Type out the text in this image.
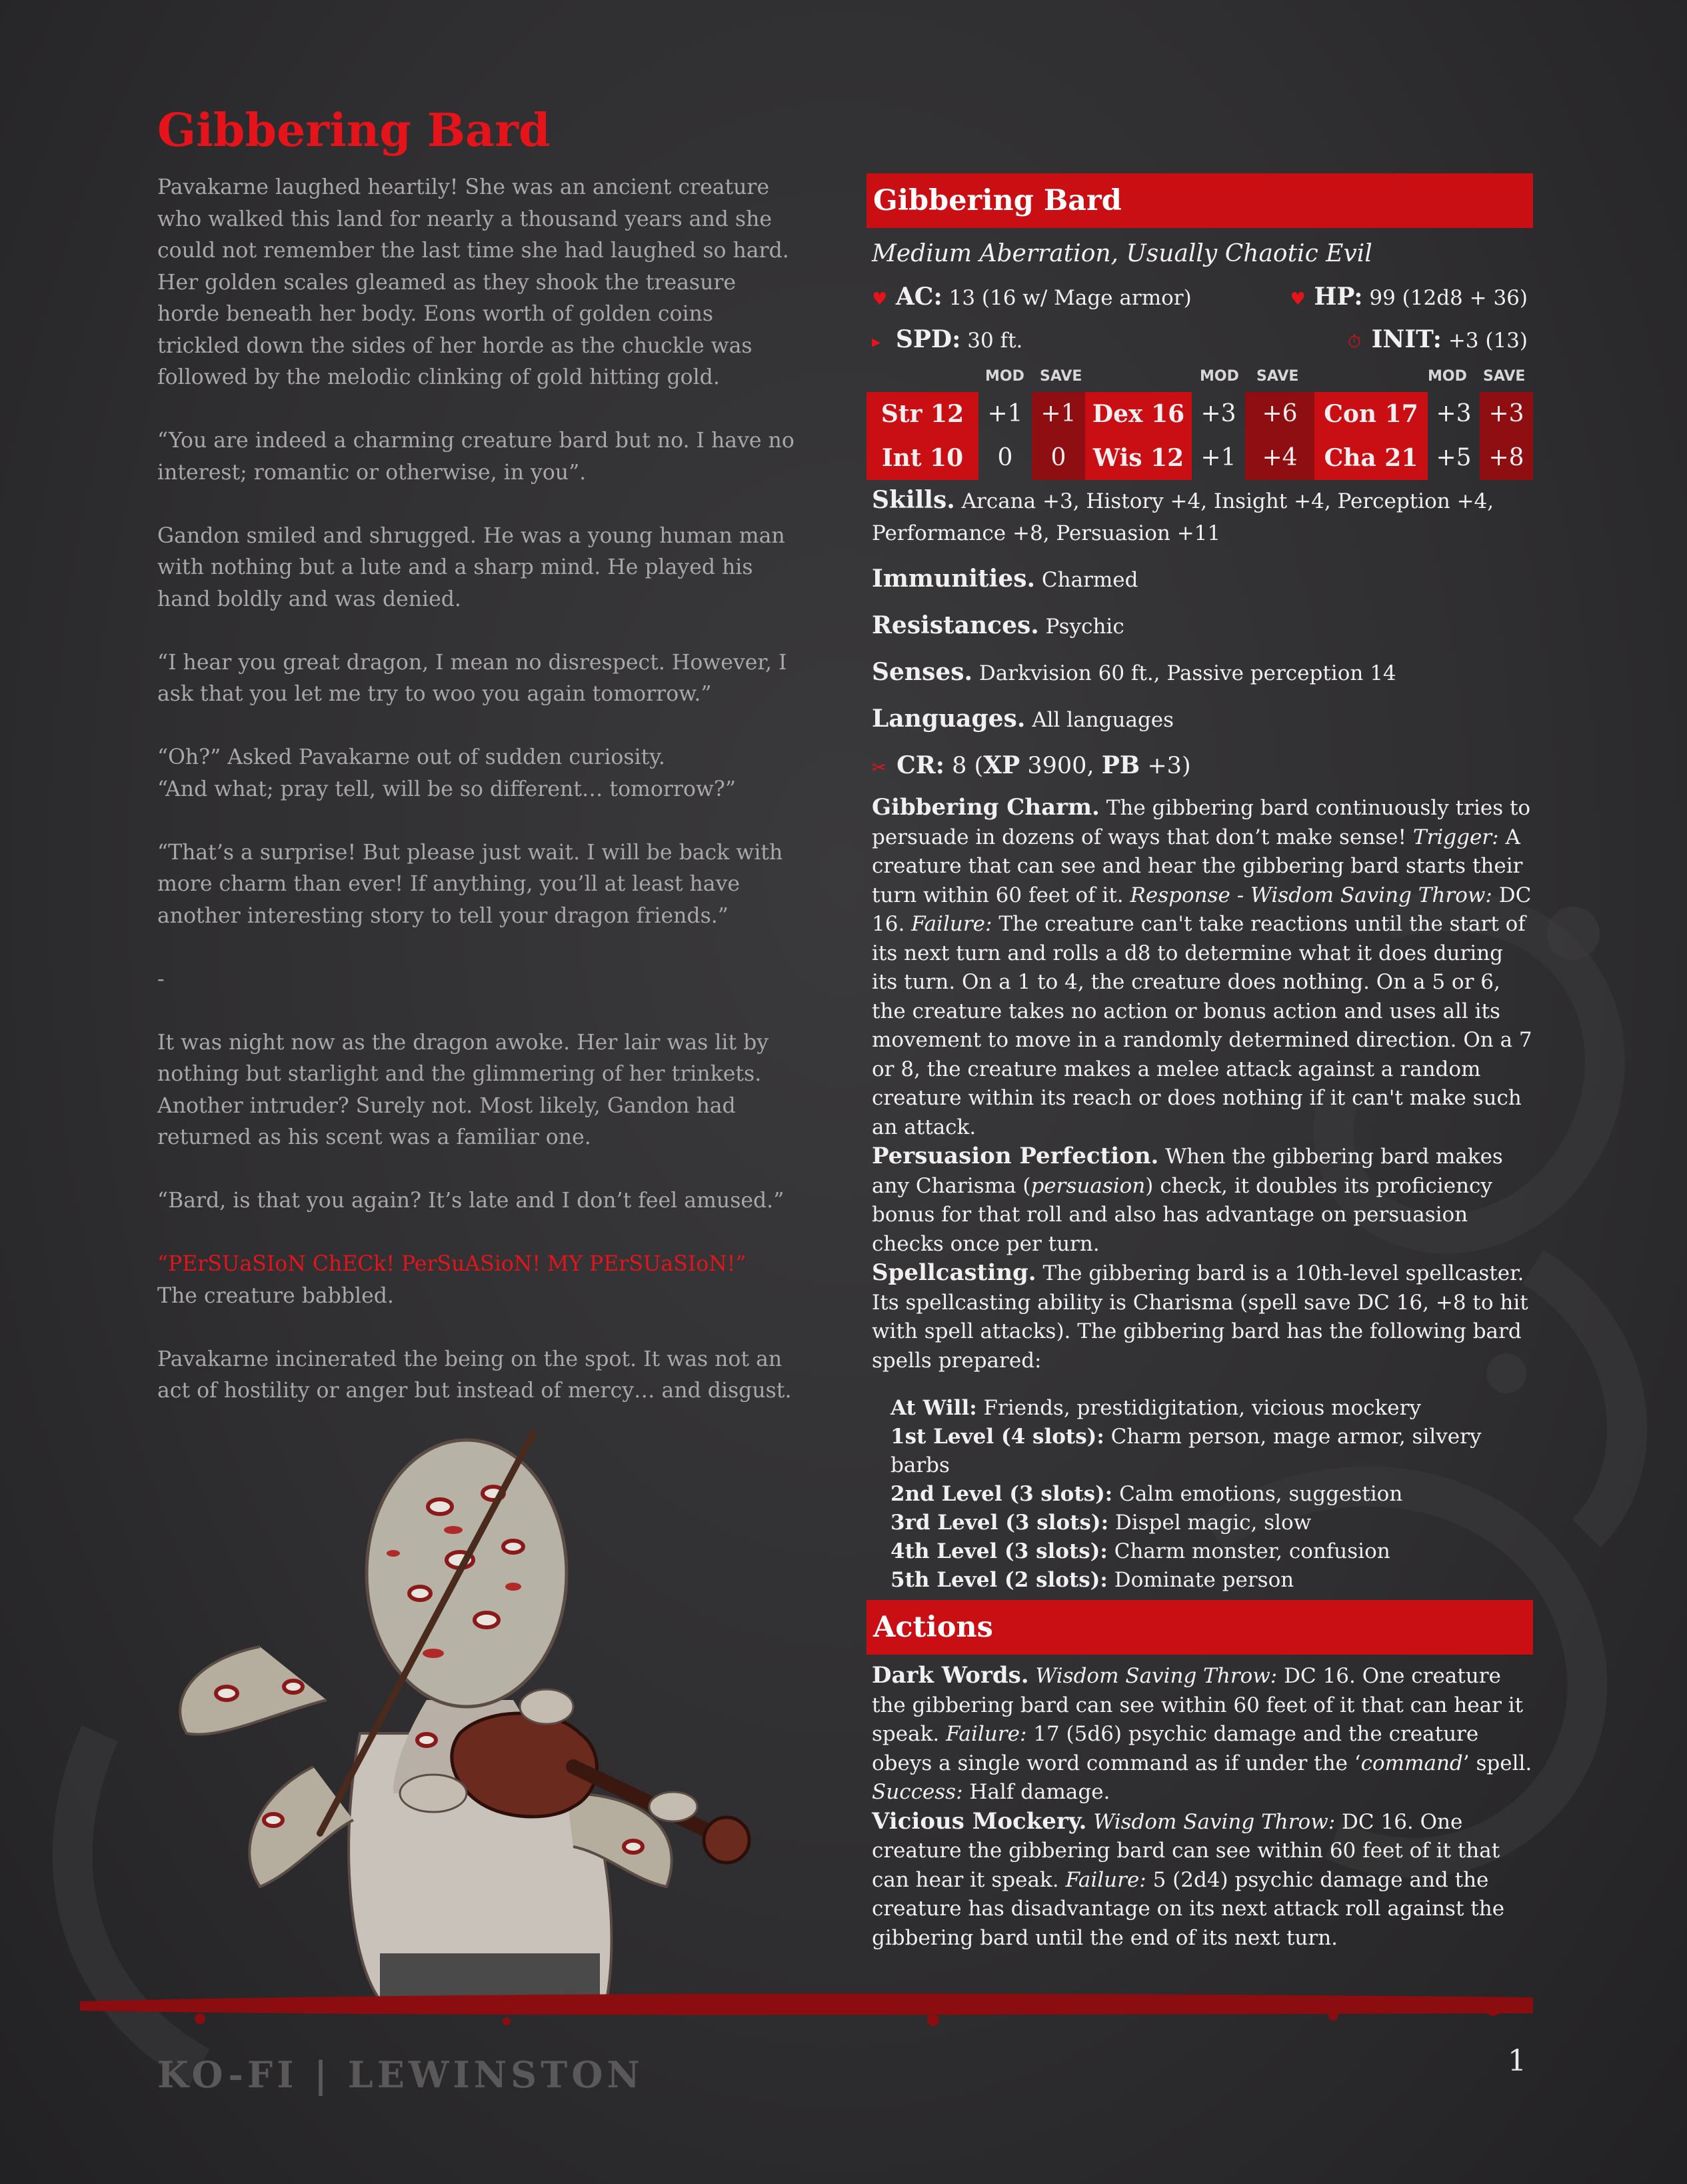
Gibbering Bard

Pavakarne laughed heartily! She was an ancient creature who walked this land for nearly a thousand years and she could not remember the last time she had laughed so hard. Her golden scales gleamed as they shook the treasure horde beneath her body. Eons worth of golden coins trickled down the sides of her horde as the chuckle was followed by the melodic clinking of gold hitting gold.

“You are indeed a charming creature bard but no. I have no interest; romantic or otherwise, in you”.

Gandon smiled and shrugged. He was a young human man with nothing but a lute and a sharp mind. He played his hand boldly and was denied.

“I hear you great dragon, I mean no disrespect. However, I ask that you let me try to woo you again tomorrow.”

“Oh?” Asked Pavakarne out of sudden curiosity.

“And what; pray tell, will be so different… tomorrow?”

“That’s a surprise! But please just wait. I will be back with more charm than ever! If anything, you’ll at least have another interesting story to tell your dragon friends.”

-

It was night now as the dragon awoke. Her lair was lit by nothing but starlight and the glimmering of her trinkets. Another intruder? Surely not. Most likely, Gandon had returned as his scent was a familiar one.

“Bard, is that you again? It’s late and I don’t feel amused.”

“PErSUaSIoN ChECk! PerSuASioN! MY PErSUaSIoN!”

The creature babbled.

Pavakarne incinerated the being on the spot. It was not an act of hostility or anger but instead of mercy… and disgust.

KO-FI | LEWINSTON	1
Gibbering Bard
Medium Aberration, Usually Chaotic Evil
♥ AC: 13 (16 w/ Mage armor)	♥ HP: 99 (12d8 + 36)
▸ SPD: 30 ft.	⏱ INIT: +3 (13)
MOD SAVE	MOD SAVE	MOD SAVE
Str 12 +1 +1 Dex 16 +3	+6	Con 17 +3 +3
Int 10	0	0	Wis 12 +1	+4	Cha 21 +5 +8
Skills. Arcana +3, History +4, Insight +4, Perception +4, Performance +8, Persuasion +11
Immunities. Charmed
Resistances. Psychic
Senses. Darkvision 60 ft., Passive perception 14
Languages. All languages
✂ CR: 8 (XP 3900, PB +3)
Gibbering Charm. The gibbering bard continuously tries to persuade in dozens of ways that don’t make sense! Trigger: A creature that can see and hear the gibbering bard starts their turn within 60 feet of it. Response - Wisdom Saving Throw: DC 16. Failure: The creature can't take reactions until the start of its next turn and rolls a d8 to determine what it does during its turn. On a 1 to 4, the creature does nothing. On a 5 or 6, the creature takes no action or bonus action and uses all its movement to move in a randomly determined direction. On a 7 or 8, the creature makes a melee attack against a random creature within its reach or does nothing if it can't make such an attack.
Persuasion Perfection. When the gibbering bard makes any Charisma (persuasion) check, it doubles its proficiency bonus for that roll and also has advantage on persuasion checks once per turn.
Spellcasting. The gibbering bard is a 10th-level spellcaster. Its spellcasting ability is Charisma (spell save DC 16, +8 to hit with spell attacks). The gibbering bard has the following bard spells prepared:
At Will: Friends, prestidigitation, vicious mockery
1st Level (4 slots): Charm person, mage armor, silvery barbs
2nd Level (3 slots): Calm emotions, suggestion
3rd Level (3 slots): Dispel magic, slow
4th Level (3 slots): Charm monster, confusion
5th Level (2 slots): Dominate person
Actions
Dark Words. Wisdom Saving Throw: DC 16. One creature the gibbering bard can see within 60 feet of it that can hear it speak. Failure: 17 (5d6) psychic damage and the creature obeys a single word command as if under the ‘command’ spell. Success: Half damage.
Vicious Mockery. Wisdom Saving Throw: DC 16. One creature the gibbering bard can see within 60 feet of it that can hear it speak. Failure: 5 (2d4) psychic damage and the creature has disadvantage on its next attack roll against the gibbering bard until the end of its next turn.
